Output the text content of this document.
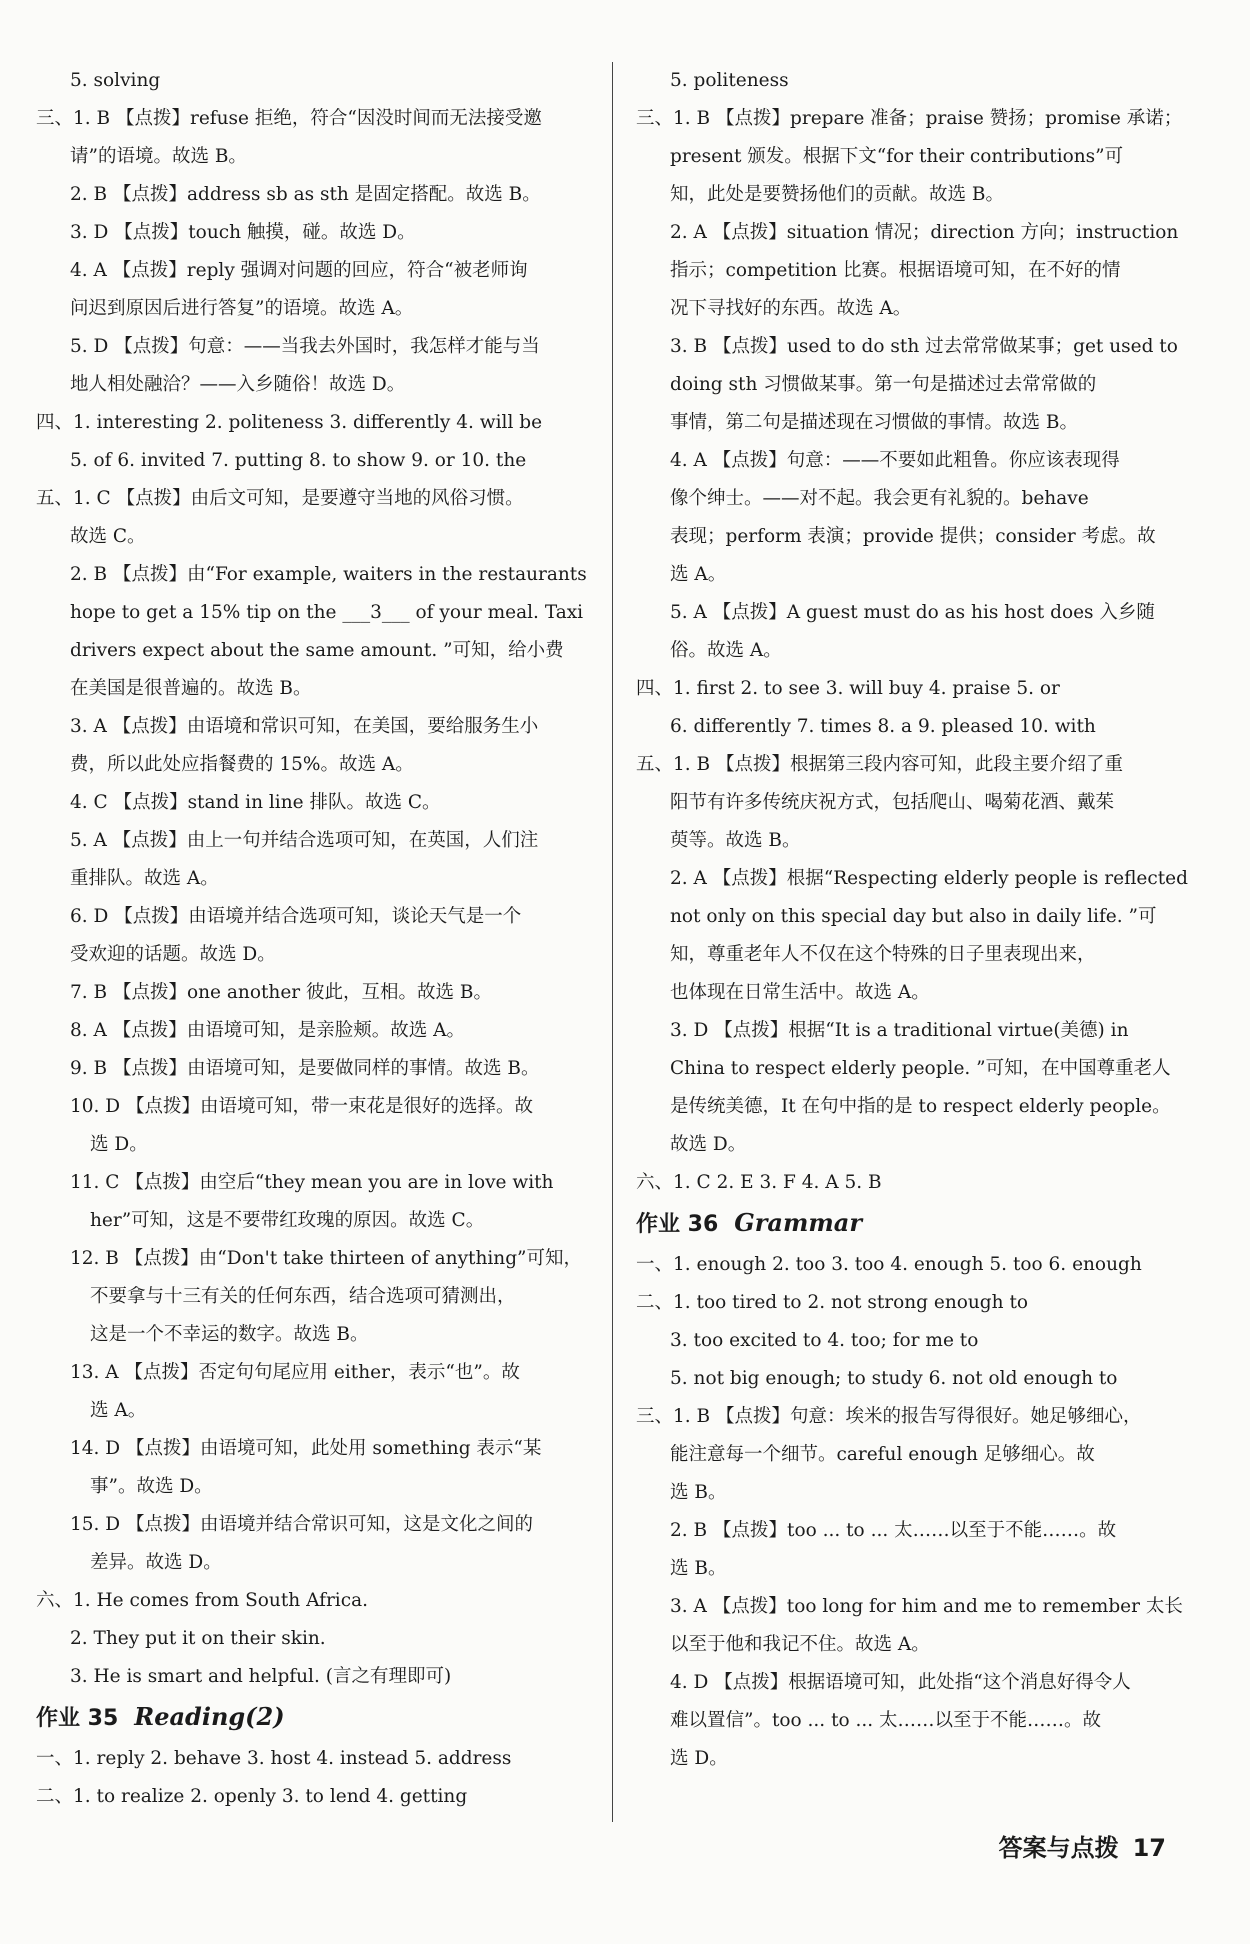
5. solving
三、1. B 【点拨】refuse 拒绝，符合“因没时间而无法接受邀
请”的语境。故选 B。
2. B 【点拨】address sb as sth 是固定搭配。故选 B。
3. D 【点拨】touch 触摸，碰。故选 D。
4. A 【点拨】reply 强调对问题的回应，符合“被老师询
问迟到原因后进行答复”的语境。故选 A。
5. D 【点拨】句意：——当我去外国时，我怎样才能与当
地人相处融洽？——入乡随俗！故选 D。
四、1. interesting 2. politeness 3. differently 4. will be
5. of 6. invited 7. putting 8. to show 9. or 10. the
五、1. C 【点拨】由后文可知，是要遵守当地的风俗习惯。
故选 C。
2. B 【点拨】由“For example, waiters in the restaurants
hope to get a 15% tip on the ___3___ of your meal. Taxi
drivers expect about the same amount. ”可知，给小费
在美国是很普遍的。故选 B。
3. A 【点拨】由语境和常识可知，在美国，要给服务生小
费，所以此处应指餐费的 15%。故选 A。
4. C 【点拨】stand in line 排队。故选 C。
5. A 【点拨】由上一句并结合选项可知，在英国，人们注
重排队。故选 A。
6. D 【点拨】由语境并结合选项可知，谈论天气是一个
受欢迎的话题。故选 D。
7. B 【点拨】one another 彼此，互相。故选 B。
8. A 【点拨】由语境可知，是亲脸颊。故选 A。
9. B 【点拨】由语境可知，是要做同样的事情。故选 B。
10. D 【点拨】由语境可知，带一束花是很好的选择。故
选 D。
11. C 【点拨】由空后“they mean you are in love with
her”可知，这是不要带红玫瑰的原因。故选 C。
12. B 【点拨】由“Don't take thirteen of anything”可知，
不要拿与十三有关的任何东西，结合选项可猜测出，
这是一个不幸运的数字。故选 B。
13. A 【点拨】否定句句尾应用 either，表示“也”。故
选 A。
14. D 【点拨】由语境可知，此处用 something 表示“某
事”。故选 D。
15. D 【点拨】由语境并结合常识可知，这是文化之间的
差异。故选 D。
六、1. He comes from South Africa.
2. They put it on their skin.
3. He is smart and helpful. (言之有理即可)
作业 35 Reading(2)
一、1. reply 2. behave 3. host 4. instead 5. address
二、1. to realize 2. openly 3. to lend 4. getting
5. politeness
三、1. B 【点拨】prepare 准备；praise 赞扬；promise 承诺；
present 颁发。根据下文“for their contributions”可
知，此处是要赞扬他们的贡献。故选 B。
2. A 【点拨】situation 情况；direction 方向；instruction
指示；competition 比赛。根据语境可知，在不好的情
况下寻找好的东西。故选 A。
3. B 【点拨】used to do sth 过去常常做某事；get used to
doing sth 习惯做某事。第一句是描述过去常常做的
事情，第二句是描述现在习惯做的事情。故选 B。
4. A 【点拨】句意：——不要如此粗鲁。你应该表现得
像个绅士。——对不起。我会更有礼貌的。behave
表现；perform 表演；provide 提供；consider 考虑。故
选 A。
5. A 【点拨】A guest must do as his host does 入乡随
俗。故选 A。
四、1. first 2. to see 3. will buy 4. praise 5. or
6. differently 7. times 8. a 9. pleased 10. with
五、1. B 【点拨】根据第三段内容可知，此段主要介绍了重
阳节有许多传统庆祝方式，包括爬山、喝菊花酒、戴茱
萸等。故选 B。
2. A 【点拨】根据“Respecting elderly people is reflected
not only on this special day but also in daily life. ”可
知，尊重老年人不仅在这个特殊的日子里表现出来，
也体现在日常生活中。故选 A。
3. D 【点拨】根据“It is a traditional virtue(美德) in
China to respect elderly people. ”可知，在中国尊重老人
是传统美德，It 在句中指的是 to respect elderly people。
故选 D。
六、1. C 2. E 3. F 4. A 5. B
作业 36 Grammar
一、1. enough 2. too 3. too 4. enough 5. too 6. enough
二、1. too tired to 2. not strong enough to
3. too excited to 4. too; for me to
5. not big enough; to study 6. not old enough to
三、1. B 【点拨】句意：埃米的报告写得很好。她足够细心，
能注意每一个细节。careful enough 足够细心。故
选 B。
2. B 【点拨】too ... to ... 太……以至于不能……。故
选 B。
3. A 【点拨】too long for him and me to remember 太长
以至于他和我记不住。故选 A。
4. D 【点拨】根据语境可知，此处指“这个消息好得令人
难以置信”。too ... to ... 太……以至于不能……。故
选 D。
答案与点拨 17
